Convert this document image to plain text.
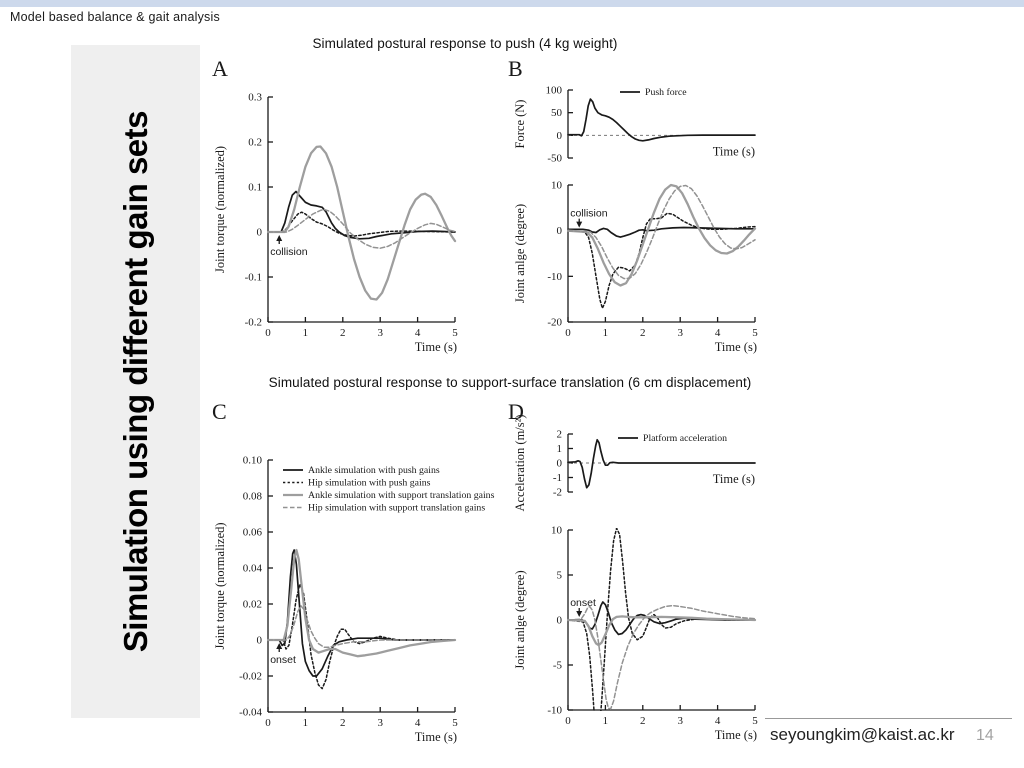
Model based balance & gait analysis
Simulation using different gain sets
Simulated postural response to push (4 kg weight)
Simulated postural response to support-surface translation (6 cm displacement)
A	B
C	D
0.3
0.2
0.1
0
-0.1
-0.2
0	1	2	3	4	5
Joint torque (normalized)
Time (s)
collision
100
50
0
-50
Force (N)
Time (s)
Push force
10
0
-10
-20
0	1	2	3	4	5
Joint anlge (degree)
Time (s)
collision
0.10
0.08
0.06
0.04
0.02
0
-0.02
-0.04
0	1	2	3	4	5
Joint torque (normalized)
Time (s)
Ankle simulation with push gains
Hip simulation with push gains
Ankle simulation with support translation gains
Hip simulation with support translation gains
onset
2
1
0
-1
-2
Acceleration (m/s²)	Time (s)
Platform acceleration
10
5
0
-5
-10
0	1	2	3	4	5
Joint anlge (degree)
Time (s)
onset
seyoungkim@kaist.ac.kr 14
